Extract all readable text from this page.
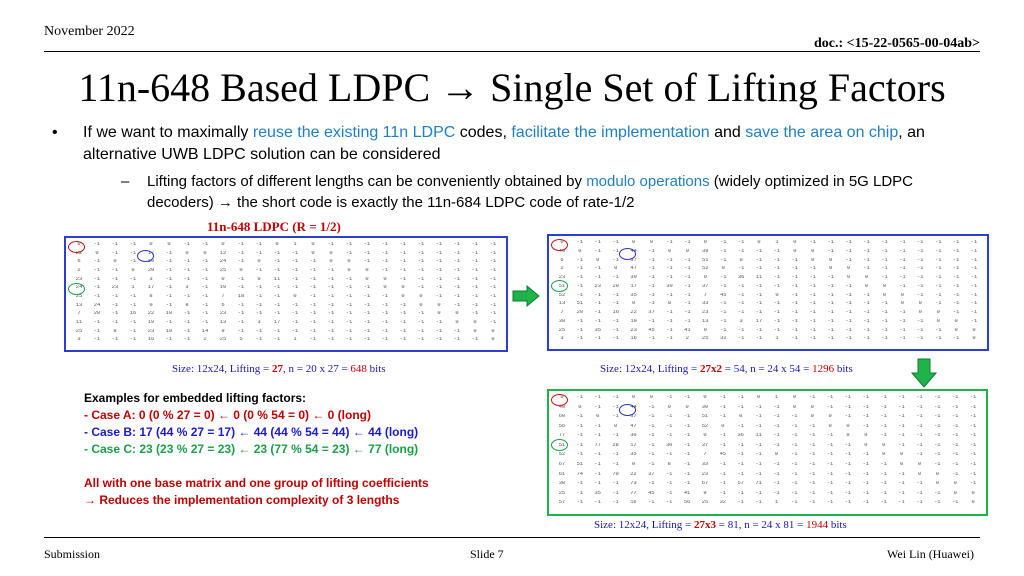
November 2022
doc.: <15-22-0565-00-04ab>
11n-648 Based LDPC → Single Set of Lifting Factors
• If we want to maximally reuse the existing 11n LDPC codes, facilitate the implementation and save the area on chip, an alternative UWB LDPC solution can be considered
– Lifting factors of different lengths can be conveniently obtained by modulo operations (widely optimized in 5G LDPC decoders) → the short code is exactly the 11n-684 LDPC code of rate-1/2
11n-648 LDPC (R = 1/2)
0	-1	-1	-1	0	0	-1	-1	0	-1	-1	0	1	0	-1	-1	-1	-1	-1	-1	-1	-1	-1	-1
22	0	-1	-1	17	-1	0	0	12	-1	-1	-1	-1	0	0	-1	-1	-1	-1	-1	-1	-1	-1	-1
6	-1	0	-1	10	-1	-1	-1	24	-1	0	-1	-1	-1	0	0	-1	-1	-1	-1	-1	-1	-1	-1
2	-1	-1	0	20	-1	-1	-1	25	0	-1	-1	-1	-1	-1	0	0	-1	-1	-1	-1	-1	-1	-1
23	-1	-1	-1	3	-1	-1	-1	0	-1	9	11	-1	-1	-1	-1	0	0	-1	-1	-1	-1	-1	-1
24	-1	23	1	17	-1	3	-1	10	-1	-1	-1	-1	-1	-1	-1	-1	0	0	-1	-1	-1	-1	-1
25	-1	-1	-1	8	-1	-1	-1	7	18	-1	-1	0	-1	-1	-1	-1	-1	0	0	-1	-1	-1	-1
13	24	-1	-1	0	-1	8	-1	6	-1	-1	-1	-1	-1	-1	-1	-1	-1	-1	0	0	-1	-1	-1
7	20	-1	16	22	10	-1	-1	23	-1	-1	-1	-1	-1	-1	-1	-1	-1	-1	-1	0	0	-1	-1
11	-1	-1	-1	19	-1	-1	-1	13	-1	3	17	-1	-1	-1	-1	-1	-1	-1	-1	-1	0	0	-1
25	-1	8	-1	23	18	-1	14	9	-1	-1	-1	-1	-1	-1	-1	-1	-1	-1	-1	-1	-1	0	0
3	-1	-1	-1	16	-1	-1	2	25	5	-1	-1	1	-1	-1	-1	-1	-1	-1	-1	-1	-1	-1	0
0	-1	-1	-1	0	0	-1	-1	0	-1	-1	0	1	0	-1	-1	-1	-1	-1	-1	-1	-1	-1	-1
40	0	-1	-1	44	-1	0	0	39	-1	-1	-1	-1	0	0	-1	-1	-1	-1	-1	-1	-1	-1	-1
6	-1	0	-1	37	-1	-1	-1	51	-1	0	-1	-1	-1	0	0	-1	-1	-1	-1	-1	-1	-1	-1
2	-1	-1	0	47	-1	-1	-1	52	0	-1	-1	-1	-1	-1	0	0	-1	-1	-1	-1	-1	-1	-1
23	-1	-1	-1	30	-1	-1	-1	0	-1	36	11	-1	-1	-1	-1	0	0	-1	-1	-1	-1	-1	-1
51	-1	23	28	17	-1	30	-1	37	-1	-1	-1	-1	-1	-1	-1	-1	0	0	-1	-1	-1	-1	-1
52	-1	-1	-1	35	-1	-1	-1	7	45	-1	-1	0	-1	-1	-1	-1	-1	0	0	-1	-1	-1	-1
13	51	-1	-1	0	-1	8	-1	33	-1	-1	-1	-1	-1	-1	-1	-1	-1	-1	0	0	-1	-1	-1
7	20	-1	16	22	37	-1	-1	23	-1	-1	-1	-1	-1	-1	-1	-1	-1	-1	-1	0	0	-1	-1
38	-1	-1	-1	19	-1	-1	-1	13	-1	3	17	-1	-1	-1	-1	-1	-1	-1	-1	-1	0	0	-1
25	-1	35	-1	23	45	-1	41	9	-1	-1	-1	-1	-1	-1	-1	-1	-1	-1	-1	-1	-1	0	0
3	-1	-1	-1	16	-1	-1	2	25	32	-1	-1	1	-1	-1	-1	-1	-1	-1	-1	-1	-1	-1	0
0	-1	-1	-1	0	0	-1	-1	0	-1	-1	0	1	0	-1	-1	-1	-1	-1	-1	-1	-1	-1	-1
40	0	-1	-1	44	-1	0	0	39	-1	-1	-1	-1	0	0	-1	-1	-1	-1	-1	-1	-1	-1	-1
60	-1	0	-1	37	-1	-1	-1	51	-1	0	-1	-1	-1	0	0	-1	-1	-1	-1	-1	-1	-1	-1
56	-1	-1	0	47	-1	-1	-1	52	0	-1	-1	-1	-1	-1	0	0	-1	-1	-1	-1	-1	-1	-1
77	-1	-1	-1	30	-1	-1	-1	0	-1	36	11	-1	-1	-1	-1	0	0	-1	-1	-1	-1	-1	-1
51	-1	77	28	17	-1	30	-1	37	-1	-1	-1	-1	-1	-1	-1	-1	0	0	-1	-1	-1	-1	-1
52	-1	-1	-1	35	-1	-1	-1	7	45	-1	-1	0	-1	-1	-1	-1	-1	0	0	-1	-1	-1	-1
67	51	-1	-1	0	-1	8	-1	33	-1	-1	-1	-1	-1	-1	-1	-1	-1	-1	0	0	-1	-1	-1
61	74	-1	70	22	37	-1	-1	23	-1	-1	-1	-1	-1	-1	-1	-1	-1	-1	-1	0	0	-1	-1
38	-1	-1	-1	73	-1	-1	-1	67	-1	57	71	-1	-1	-1	-1	-1	-1	-1	-1	-1	0	0	-1
25	-1	35	-1	77	45	-1	41	9	-1	-1	-1	-1	-1	-1	-1	-1	-1	-1	-1	-1	-1	0	0
57	-1	-1	-1	16	-1	-1	56	25	32	-1	-1	1	-1	-1	-1	-1	-1	-1	-1	-1	-1	-1	0
Size: 12x24, Lifting = 27, n = 20 x 27 = 648 bits	Size: 12x24, Lifting = 27x2 = 54, n = 24 x 54 = 1296 bits
Size: 12x24, Lifting = 27x3 = 81, n = 24 x 81 = 1944 bits
Examples for embedded lifting factors:
- Case A: 0 (0 % 27 = 0) ← 0 (0 % 54 = 0) ← 0 (long)
- Case B: 17 (44 % 27 = 17) ← 44 (44 % 54 = 44) ← 44 (long)
- Case C: 23 (23 % 27 = 23) ← 23 (77 % 54 = 23) ← 77 (long)
All with one base matrix and one group of lifting coefficients
→ Reduces the implementation complexity of 3 lengths
Submission	Slide 7	Wei Lin (Huawei)
